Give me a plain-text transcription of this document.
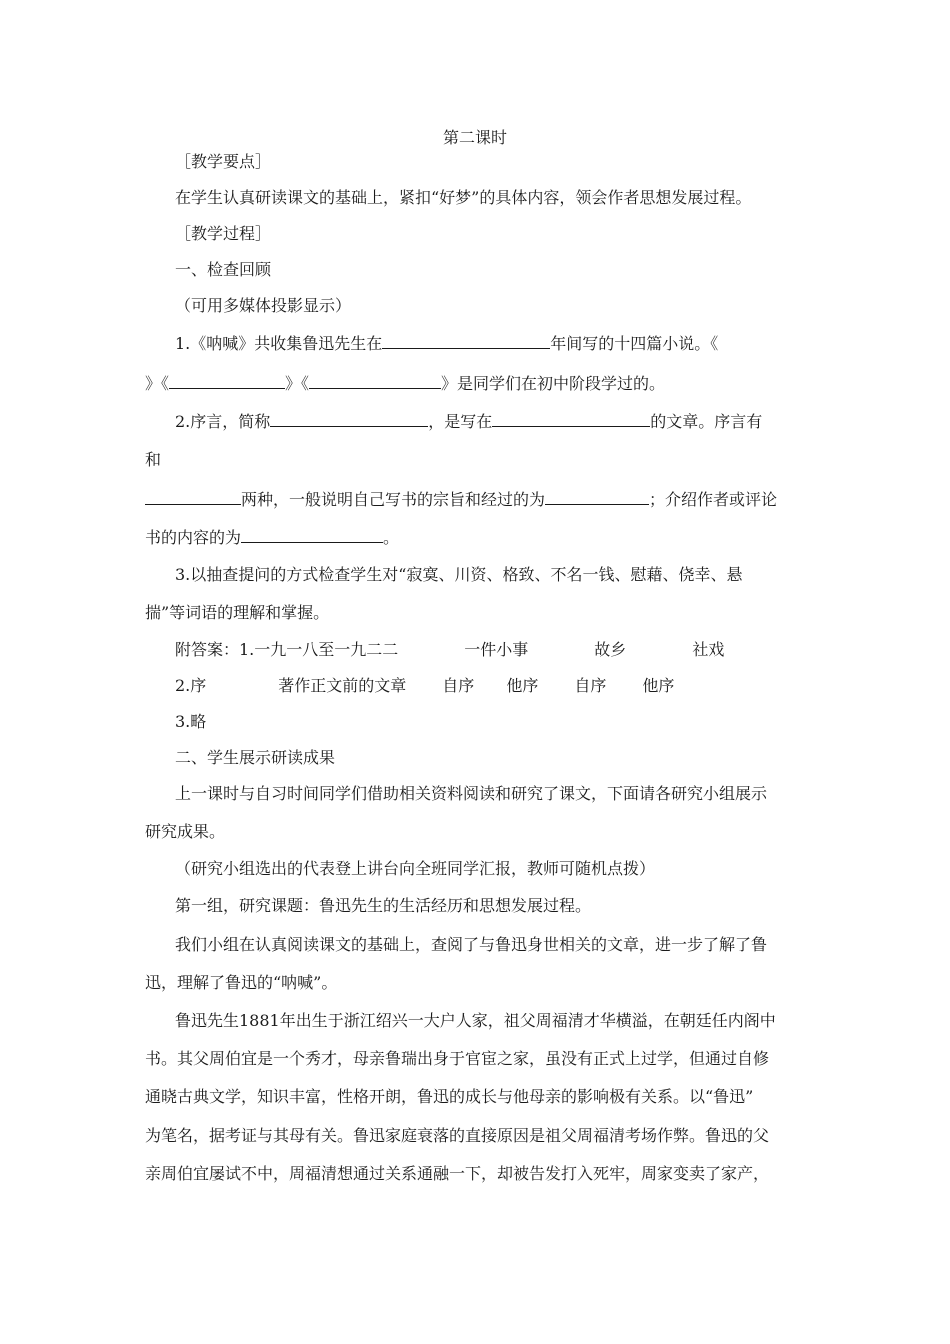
第二课时
［教学要点］
在学生认真研读课文的基础上，紧扣“好梦”的具体内容，领会作者思想发展过程。
［教学过程］
一、检查回顾
（可用多媒体投影显示）
1.《呐喊》共收集鲁迅先生在	年间写的十四篇小说。《
》《	》《	》是同学们在初中阶段学过的。
2.序言，简称	，是写在	的文章。序言有
和
两种，一般说明自己写书的宗旨和经过的为	；介绍作者或评论
书的内容的为	。
3.以抽查提问的方式检查学生对“寂寞、川资、格致、不名一钱、慰藉、侥幸、悬
揣”等词语的理解和掌握。
附答案：1.一九一八至一九二二	一件小事	故乡	社戏
2.序	著作正文前的文章 自序 他序 自序 他序
3.略
二、学生展示研读成果
上一课时与自习时间同学们借助相关资料阅读和研究了课文，下面请各研究小组展示
研究成果。
（研究小组选出的代表登上讲台向全班同学汇报，教师可随机点拨）
第一组，研究课题：鲁迅先生的生活经历和思想发展过程。
我们小组在认真阅读课文的基础上，查阅了与鲁迅身世相关的文章，进一步了解了鲁
迅，理解了鲁迅的“呐喊”。
鲁迅先生1881年出生于浙江绍兴一大户人家，祖父周福清才华横溢，在朝廷任内阁中
书。其父周伯宜是一个秀才，母亲鲁瑞出身于官宦之家，虽没有正式上过学，但通过自修
通晓古典文学，知识丰富，性格开朗，鲁迅的成长与他母亲的影响极有关系。以“鲁迅”
为笔名，据考证与其母有关。鲁迅家庭衰落的直接原因是祖父周福清考场作弊。鲁迅的父
亲周伯宜屡试不中，周福清想通过关系通融一下，却被告发打入死牢，周家变卖了家产，
